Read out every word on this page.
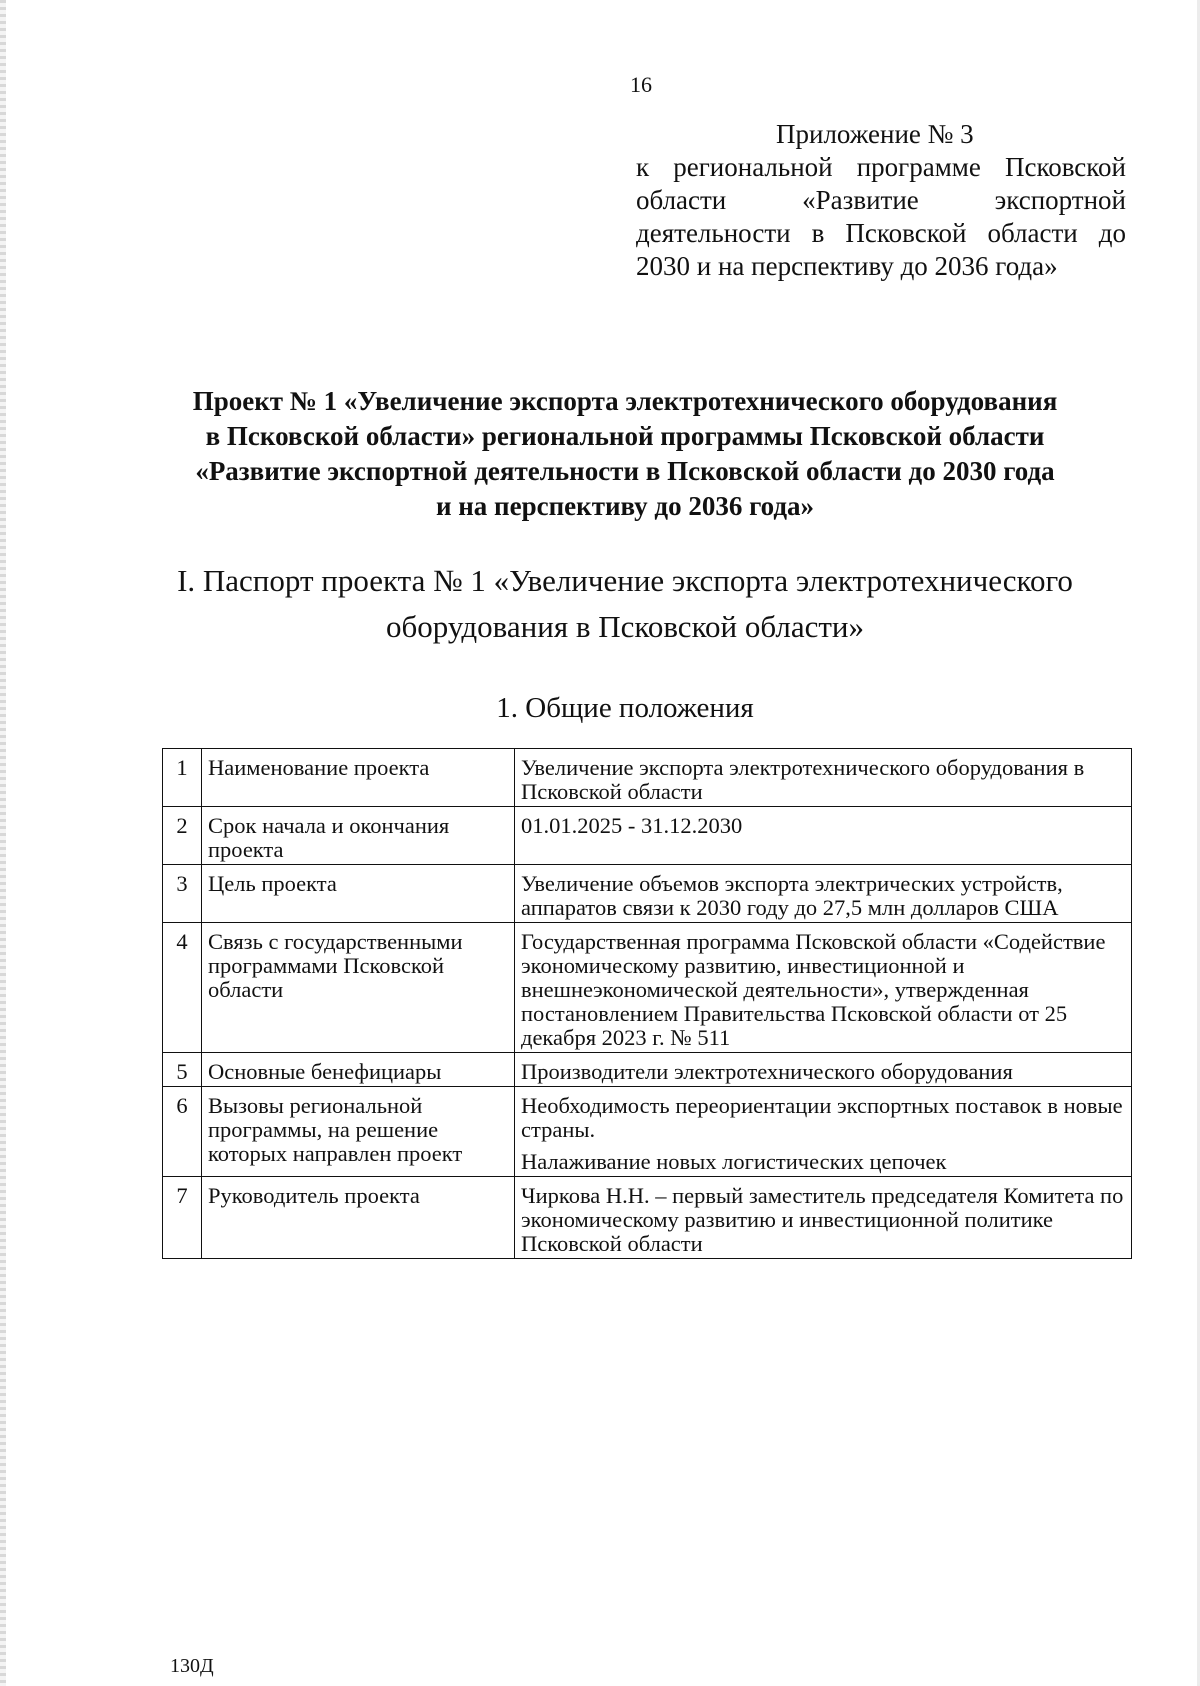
16
Приложение № 3
к региональной программе Псковской области «Развитие экспортной деятельности в Псковской области до 2030 и на перспективу до 2036 года»
Проект № 1 «Увеличение экспорта электротехнического оборудования
в Псковской области» региональной программы Псковской области
«Развитие экспортной деятельности в Псковской области до 2030 года
и на перспективу до 2036 года»
I. Паспорт проекта № 1 «Увеличение экспорта электротехнического
оборудования в Псковской области»
1. Общие положения
1	Наименование проекта	Увеличение экспорта электротехнического оборудования в Псковской области

2	Срок начала и окончания проекта	01.01.2025 - 31.12.2030

3	Цель проекта	Увеличение объемов экспорта электрических устройств, аппаратов связи к 2030 году до 27,5 млн долларов США

4	Связь с государственными программами Псковской области	Государственная программа Псковской области «Содействие экономическому развитию, инвестиционной и внешнеэкономической деятельности», утвержденная постановлением Правительства Псковской области от 25 декабря 2023 г. № 511

5	Основные бенефициары	Производители электротехнического оборудования

6	Вызовы региональной программы, на решение которых направлен проект	Необходимость переориентации экспортных поставок в новые страны.

Налаживание новых логистических цепочек

7	Руководитель проекта	Чиркова Н.Н. – первый заместитель председателя Комитета по экономическому развитию и инвестиционной политике Псковской области

130Д
